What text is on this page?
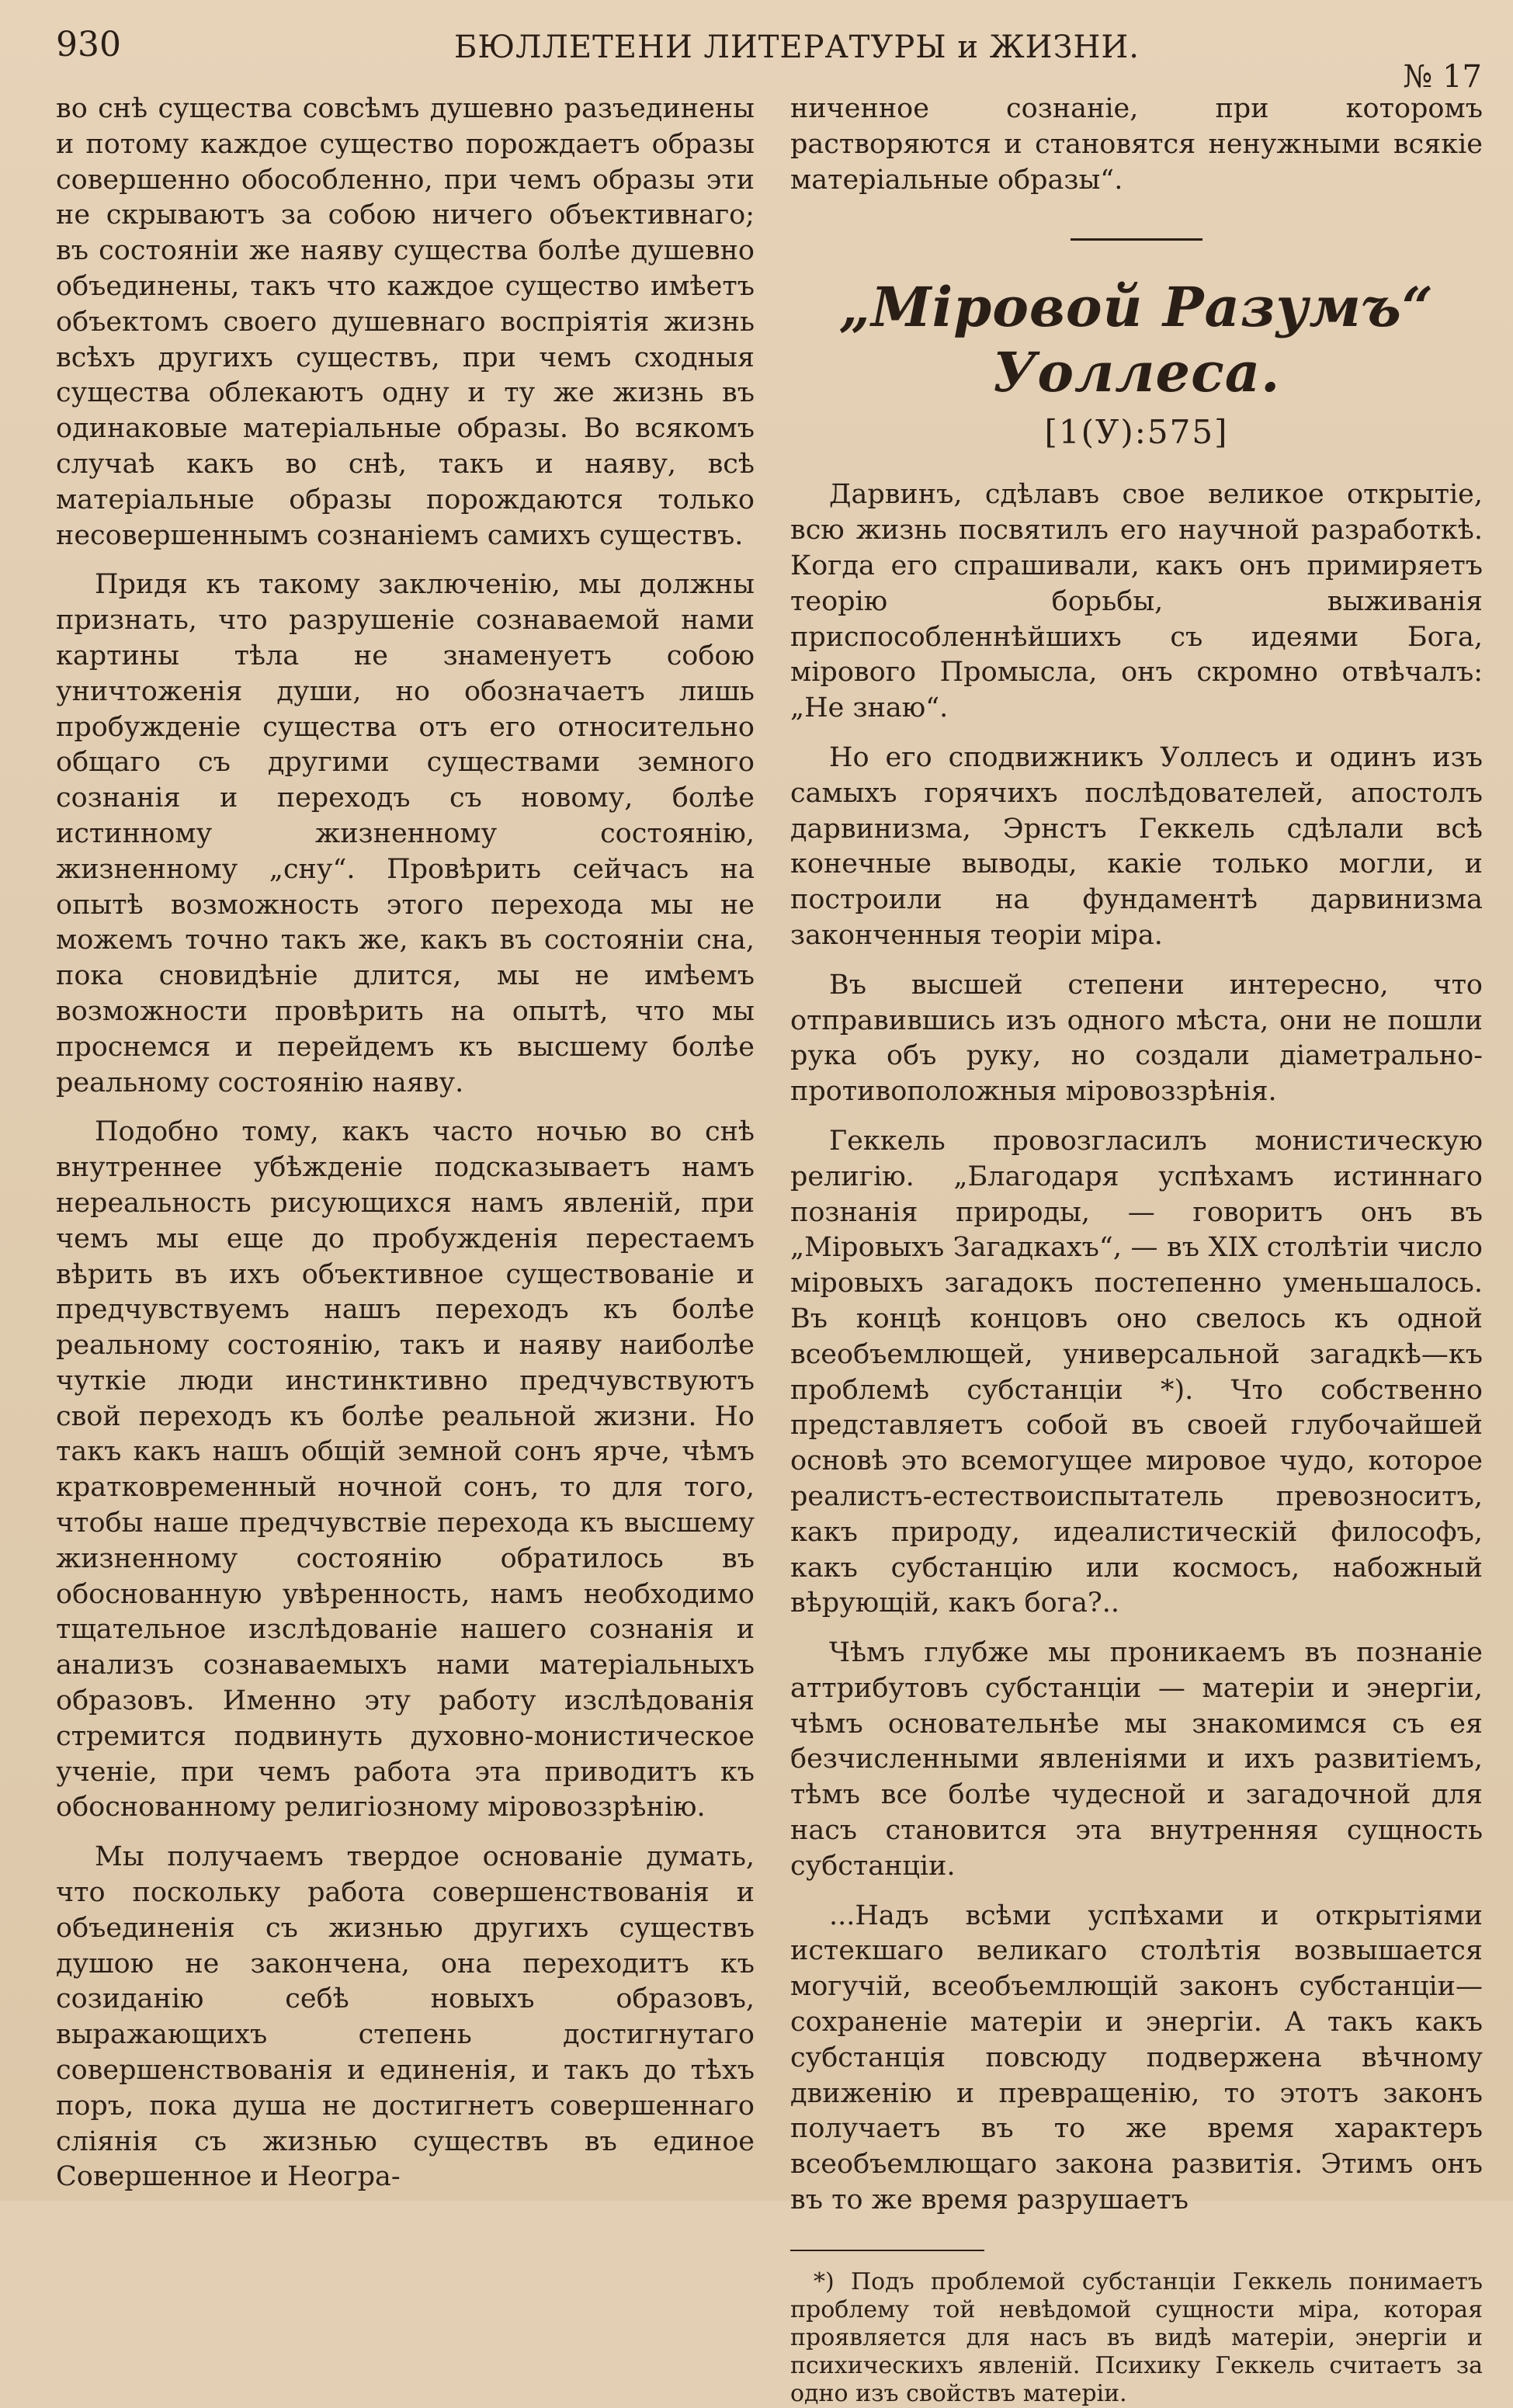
930	БЮЛЛЕТЕНИ ЛИТЕРАТУРЫ и ЖИЗНИ.
№ 17

во снѣ существа совсѣмъ душевно разъединены и потому каждое существо порождаетъ образы совершенно обособленно, при чемъ образы эти не скрываютъ за собою ничего объективнаго; въ состояніи же наяву существа болѣе душевно объединены, такъ что каждое существо имѣетъ объектомъ своего душевнаго воспріятія жизнь всѣхъ другихъ существъ, при чемъ сходныя существа облекаютъ одну и ту же жизнь въ одинаковые матеріальные образы. Во всякомъ случаѣ какъ во снѣ, такъ и наяву, всѣ матеріальные образы порождаются только несовершеннымъ сознаніемъ самихъ существъ.

Придя къ такому заключенію, мы должны признать, что разрушеніе сознаваемой нами картины тѣла не знаменуетъ собою уничтоженія души, но обозначаетъ лишь пробужденіе существа отъ его относительно общаго съ другими существами земного сознанія и переходъ съ новому, болѣе истинному жизненному состоянію, жизненному „сну“. Провѣрить сейчасъ на опытѣ возможность этого перехода мы не можемъ точно такъ же, какъ въ состояніи сна, пока сновидѣніе длится, мы не имѣемъ возможности провѣрить на опытѣ, что мы проснемся и перейдемъ къ высшему болѣе реальному состоянію наяву.

Подобно тому, какъ часто ночью во снѣ внутреннее убѣжденіе подсказываетъ намъ нереальность рисующихся намъ явленій, при чемъ мы еще до пробужденія перестаемъ вѣрить въ ихъ объективное существованіе и предчувствуемъ нашъ переходъ къ болѣе реальному состоянію, такъ и наяву наиболѣе чуткіе люди инстинктивно предчувствуютъ свой переходъ къ болѣе реальной жизни. Но такъ какъ нашъ общій земной сонъ ярче, чѣмъ кратковременный ночной сонъ, то для того, чтобы наше предчувствіе перехода къ высшему жизненному состоянію обратилось въ обоснованную увѣренность, намъ необходимо тщательное изслѣдованіе нашего сознанія и анализъ сознаваемыхъ нами матеріальныхъ образовъ. Именно эту работу изслѣдованія стремится подвинуть духовно-монистическое ученіе, при чемъ работа эта приводитъ къ обоснованному религіозному міровоззрѣнію.

Мы получаемъ твердое основаніе думать, что поскольку работа совершенствованія и объединенія съ жизнью другихъ существъ душою не закончена, она переходитъ къ созиданію себѣ новыхъ образовъ, выражающихъ степень достигнутаго совершенствованія и единенія, и такъ до тѣхъ поръ, пока душа не достигнетъ совершеннаго слiянія съ жизнью существъ въ единое Совершенное и Неогра-

ниченное сознаніе, при которомъ растворяются и становятся ненужными всякіе матеріальные образы“.

„Міровой Разумъ“ Уоллеса.
[1(У):575]

Дарвинъ, сдѣлавъ свое великое открытіе, всю жизнь посвятилъ его научной разработкѣ. Когда его спрашивали, какъ онъ примиряетъ теорію борьбы, выживанія приспособленнѣйшихъ съ идеями Бога, мірового Промысла, онъ скромно отвѣчалъ: „Не знаю“.

Но его сподвижникъ Уоллесъ и одинъ изъ самыхъ горячихъ послѣдователей, апостолъ дарвинизма, Эрнстъ Геккель сдѣлали всѣ конечные выводы, какіе только могли, и построили на фундаментѣ дарвинизма законченныя теоріи міра.

Въ высшей степени интересно, что отправившись изъ одного мѣста, они не пошли рука объ руку, но создали діаметрально-противоположныя міровоззрѣнія.

Геккель провозгласилъ монистическую религію. „Благодаря успѣхамъ истиннаго познанія природы, — говоритъ онъ въ „Міровыхъ Загадкахъ“, — въ XIX столѣтіи число міровыхъ загадокъ постепенно уменьшалось. Въ концѣ концовъ оно свелось къ одной всеобъемлющей, универсальной загадкѣ—къ проблемѣ субстанціи *). Что собственно представляетъ собой въ своей глубочайшей основѣ это всемогущее мировое чудо, которое реалистъ-естествоиспытатель превозноситъ, какъ природу, идеалистическій философъ, какъ субстанцію или космосъ, набожный вѣрующій, какъ бога?..

Чѣмъ глубже мы проникаемъ въ познаніе аттрибутовъ субстанціи — матеріи и энергіи, чѣмъ основательнѣе мы знакомимся съ ея безчисленными явленіями и ихъ развитіемъ, тѣмъ все болѣе чудесной и загадочной для насъ становится эта внутренняя сущность субстанціи.

...Надъ всѣми успѣхами и открытіями истекшаго великаго столѣтія возвышается могучій, всеобъемлющій законъ субстанціи—сохраненіе матеріи и энергіи. А такъ какъ субстанція повсюду подвержена вѣчному движенію и превращенію, то этотъ законъ получаетъ въ то же время характеръ всеобъемлющаго закона развитія. Этимъ онъ въ то же время разрушаетъ

*) Подъ проблемой субстанціи Геккель понимаетъ проблему той невѣдомой сущности міра, которая проявляется для насъ въ видѣ матеріи, энергіи и психическихъ явленій. Психику Геккель считаетъ за одно изъ свойствъ матеріи.
